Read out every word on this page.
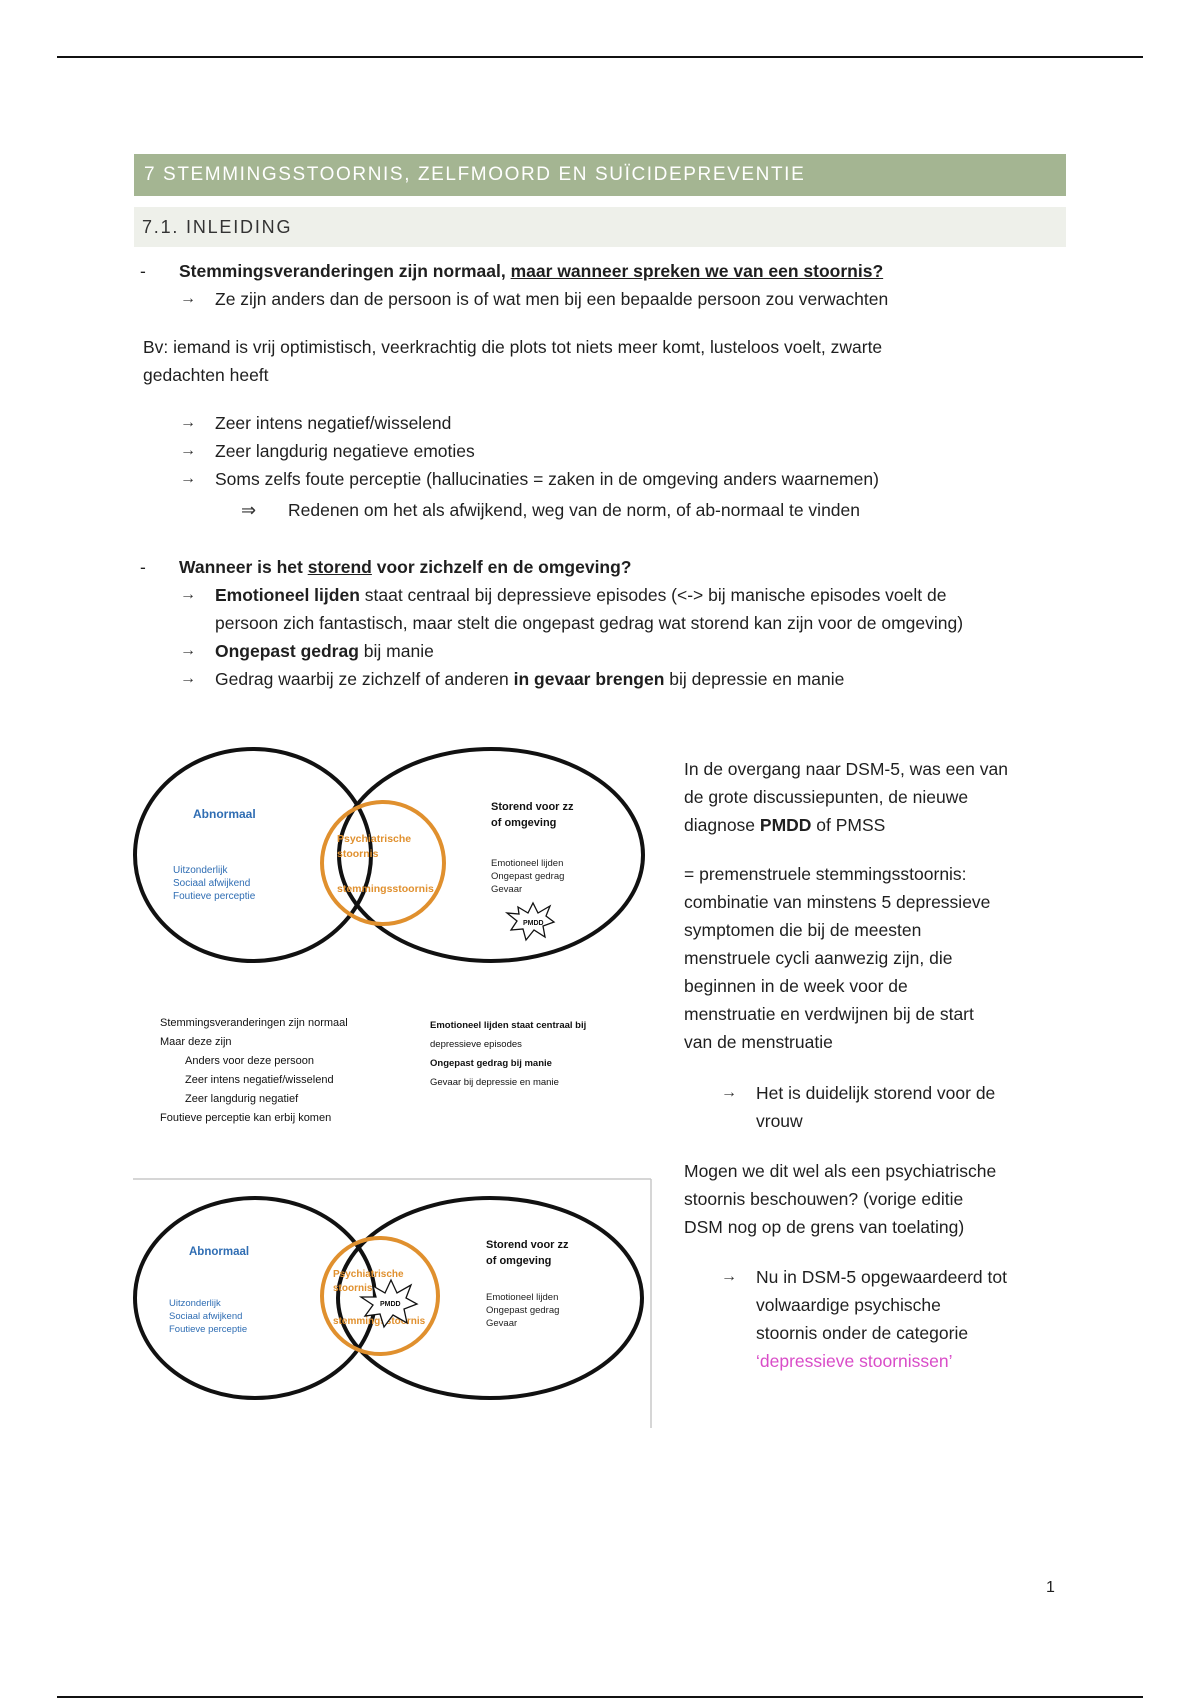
7 STEMMINGSSTOORNIS, ZELFMOORD EN SUÏCIDEPREVENTIE
7.1. INLEIDING
- Stemmingsveranderingen zijn normaal, maar wanneer spreken we van een stoornis?
→ Ze zijn anders dan de persoon is of wat men bij een bepaalde persoon zou verwachten
Bv: iemand is vrij optimistisch, veerkrachtig die plots tot niets meer komt, lusteloos voelt, zwarte
gedachten heeft
→ Zeer intens negatief/wisselend
→ Zeer langdurig negatieve emoties
→ Soms zelfs foute perceptie (hallucinaties = zaken in de omgeving anders waarnemen)
⇒ Redenen om het als afwijkend, weg van de norm, of ab-normaal te vinden
- Wanneer is het storend voor zichzelf en de omgeving?
→ Emotioneel lijden staat centraal bij depressieve episodes (<-> bij manische episodes voelt de
persoon zich fantastisch, maar stelt die ongepast gedrag wat storend kan zijn voor de omgeving)
→ Ongepast gedrag bij manie
→ Gedrag waarbij ze zichzelf of anderen in gevaar brengen bij depressie en manie
Abnormaal
Uitzonderlijk
Sociaal afwijkend
Foutieve perceptie
Storend voor zz
of omgeving
Emotioneel lijden
Ongepast gedrag
Gevaar
Psychiatrische
stoornis
stemmingsstoornis
PMDD
Stemmingsveranderingen zijn normaal
Maar deze zijn
Anders voor deze persoon
Zeer intens negatief/wisselend
Zeer langdurig negatief
Foutieve perceptie kan erbij komen
Emotioneel lijden staat centraal bij
depressieve episodes
Ongepast gedrag bij manie
Gevaar bij depressie en manie
Abnormaal
Uitzonderlijk
Sociaal afwijkend
Foutieve perceptie
Storend voor zz
of omgeving
Emotioneel lijden
Ongepast gedrag
Gevaar
Psychiatrische
stoornis
stemmingsstoornis
PMDD
In de overgang naar DSM-5, was een van
de grote discussiepunten, de nieuwe
diagnose PMDD of PMSS
= premenstruele stemmingsstoornis:
combinatie van minstens 5 depressieve
symptomen die bij de meesten
menstruele cycli aanwezig zijn, die
beginnen in de week voor de
menstruatie en verdwijnen bij de start
van de menstruatie
→ Het is duidelijk storend voor de
vrouw
Mogen we dit wel als een psychiatrische
stoornis beschouwen? (vorige editie
DSM nog op de grens van toelating)
→ Nu in DSM-5 opgewaardeerd tot
volwaardige psychische
stoornis onder de categorie
‘depressieve stoornissen’
1
